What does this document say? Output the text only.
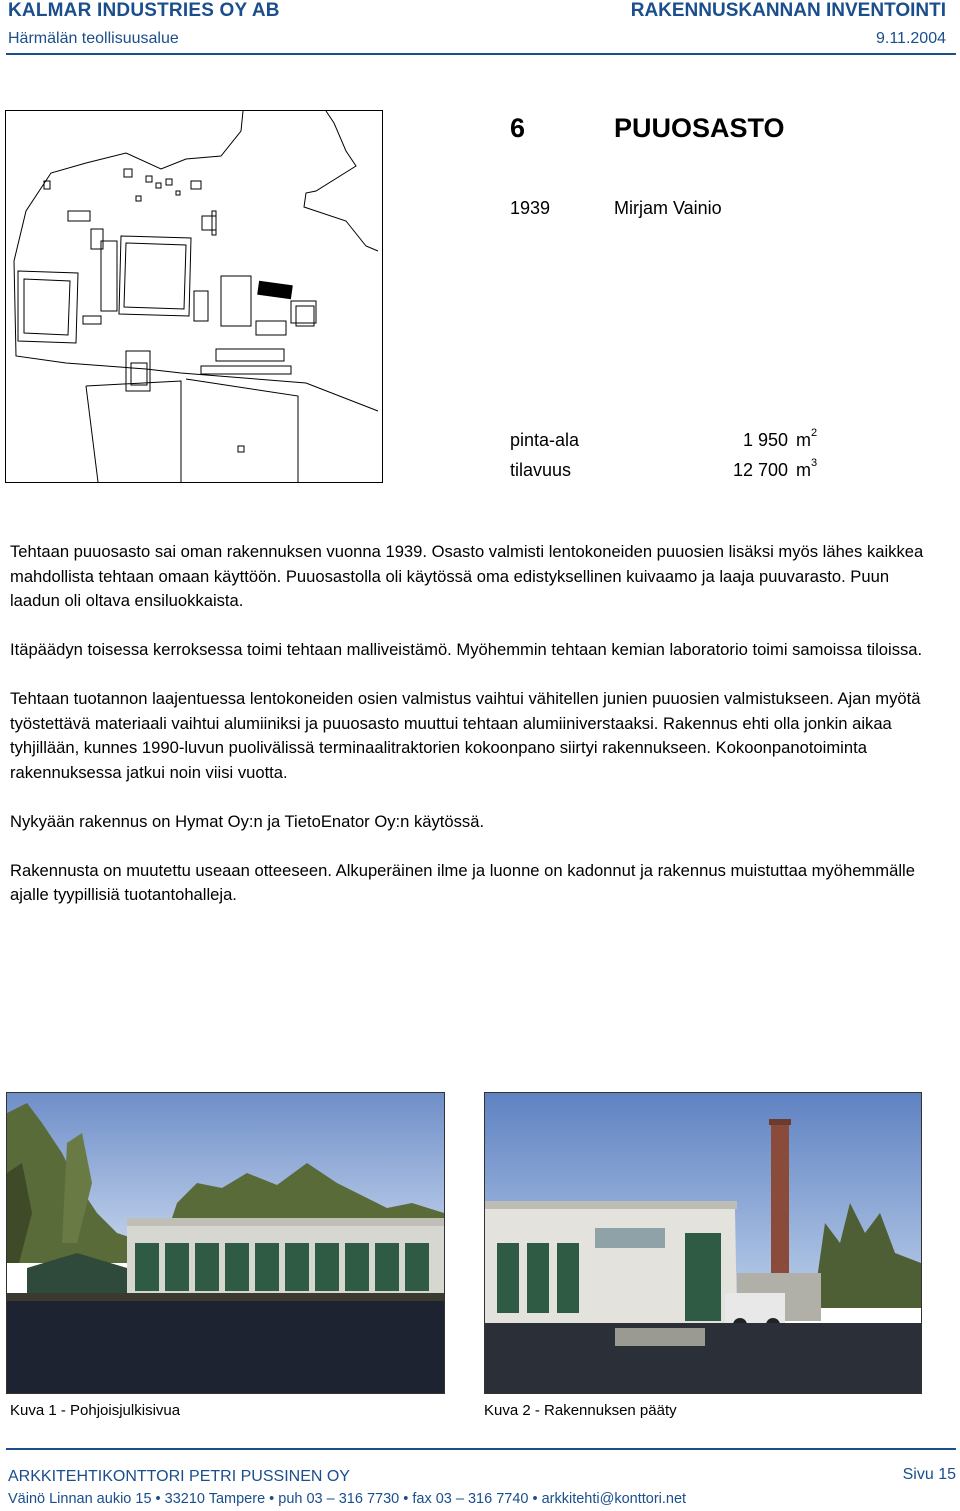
KALMAR INDUSTRIES OY AB	RAKENNUSKANNAN INVENTOINTI
Härmälän teollisuusalue	9.11.2004
6	PUUOSASTO
1939	Mirjam Vainio
pinta-ala	1 950 $m^2$
tilavuus	12 700 $m^3$

Tehtaan puuosasto sai oman rakennuksen vuonna 1939. Osasto valmisti lentokoneiden puuosien lisäksi myös lähes kaikkea mahdollista tehtaan omaan käyttöön. Puuosastolla oli käytössä oma edistyksellinen kuivaamo ja laaja puuvarasto. Puun laadun oli oltava ensiluokkaista.

Itäpäädyn toisessa kerroksessa toimi tehtaan malliveistämö. Myöhemmin tehtaan kemian laboratorio toimi samoissa tiloissa.

Tehtaan tuotannon laajentuessa lentokoneiden osien valmistus vaihtui vähitellen junien puuosien valmistukseen. Ajan myötä työstettävä materiaali vaihtui alumiiniksi ja puuosasto muuttui tehtaan alumiiniverstaaksi. Rakennus ehti olla jonkin aikaa tyhjillään, kunnes 1990-luvun puolivälissä terminaalitraktorien kokoonpano siirtyi rakennukseen. Kokoonpanotoiminta rakennuksessa jatkui noin viisi vuotta.

Nykyään rakennus on Hymat Oy:n ja TietoEnator Oy:n käytössä.

Rakennusta on muutettu useaan otteeseen. Alkuperäinen ilme ja luonne on kadonnut ja rakennus muistuttaa myöhemmälle ajalle tyypillisiä tuotantohalleja.

Kuva 1 - Pohjoisjulkisivua	Kuva 2 - Rakennuksen pääty
ARKKITEHTIKONTTORI PETRI PUSSINEN OY	Sivu 15
Väinö Linnan aukio 15 • 33210 Tampere • puh 03 – 316 7730 • fax 03 – 316 7740 • arkkitehti@konttori.net
